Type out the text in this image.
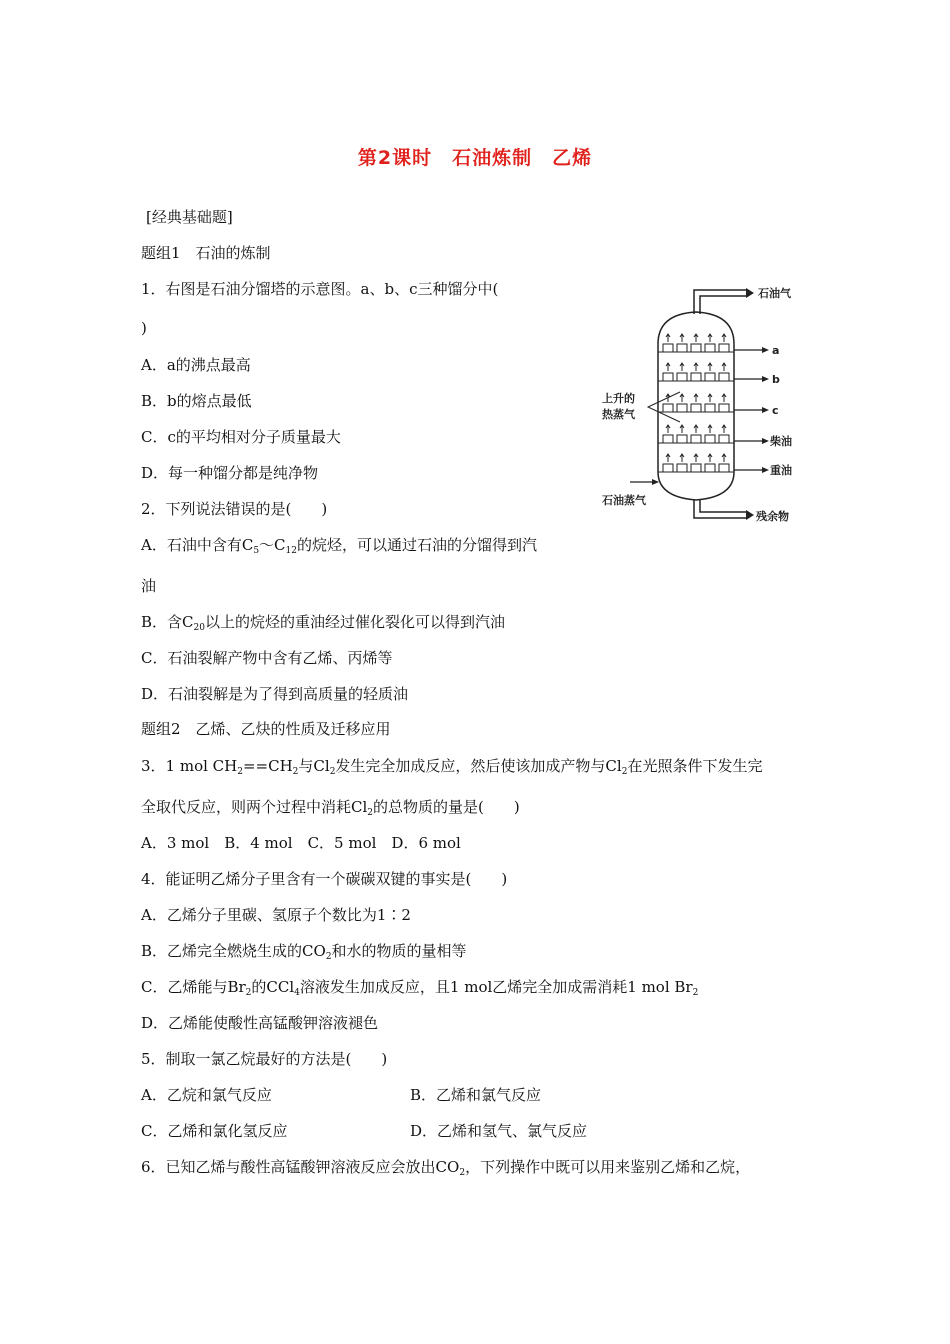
第2课时　石油炼制　乙烯
[经典基础题]
题组1　石油的炼制
1．右图是石油分馏塔的示意图。a、b、c三种馏分中(
)
A．a的沸点最高
B．b的熔点最低
C．c的平均相对分子质量最大
D．每一种馏分都是纯净物
石油气
残余物
a
b
c
柴油
重油
上升的
热蒸气
石油蒸气
2．下列说法错误的是(　　)
A．石油中含有$C_5\sim C_{12}$的烷烃，可以通过石油的分馏得到汽
油
B．含$C_{20}$以上的烷烃的重油经过催化裂化可以得到汽油
C．石油裂解产物中含有乙烯、丙烯等
D．石油裂解是为了得到高质量的轻质油
题组2　乙烯、乙炔的性质及迁移应用
3．1 mol $CH_2==CH_2$与$Cl_2$发生完全加成反应，然后使该加成产物与$Cl_2$在光照条件下发生完
全取代反应，则两个过程中消耗$Cl_2$的总物质的量是(　　)
A．3 mol　B．4 mol　C．5 mol　D．6 mol
4．能证明乙烯分子里含有一个碳碳双键的事实是(　　)
A．乙烯分子里碳、氢原子个数比为1∶2
B．乙烯完全燃烧生成的$CO_2$和水的物质的量相等
C．乙烯能与$Br_2$的CCl$_4$溶液发生加成反应，且1 mol乙烯完全加成需消耗1 mol $Br_2$
D．乙烯能使酸性高锰酸钾溶液褪色
5．制取一氯乙烷最好的方法是(　　)
A．乙烷和氯气反应	B．乙烯和氯气反应
C．乙烯和氯化氢反应	D．乙烯和氢气、氯气反应
6．已知乙烯与酸性高锰酸钾溶液反应会放出$CO_2$，下列操作中既可以用来鉴别乙烯和乙烷，
